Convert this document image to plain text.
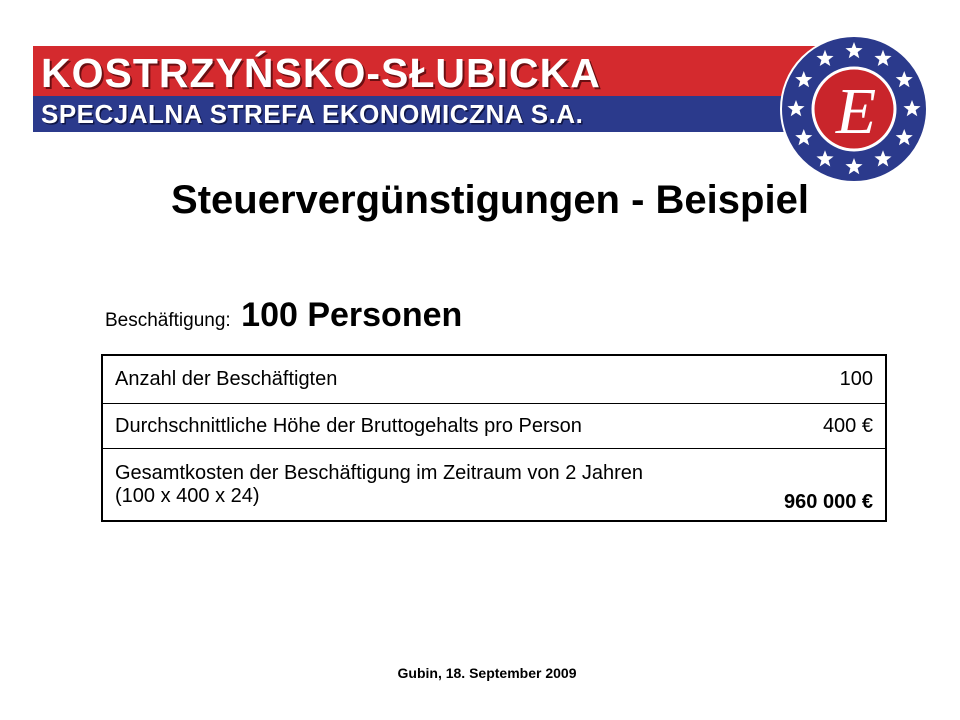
KOSTRZYŃSKO-SŁUBICKA
SPECJALNA STREFA EKONOMICZNA S.A.	E
Steuervergünstigungen - Beispiel
Beschäftigung: 100 Personen
Anzahl der Beschäftigten	100
Durchschnittliche Höhe der Bruttogehalts pro Person	400 €
Gesamtkosten der Beschäftigung im Zeitraum von 2 Jahren
(100 x 400 x 24)	960 000 €
Gubin, 18. September 2009
